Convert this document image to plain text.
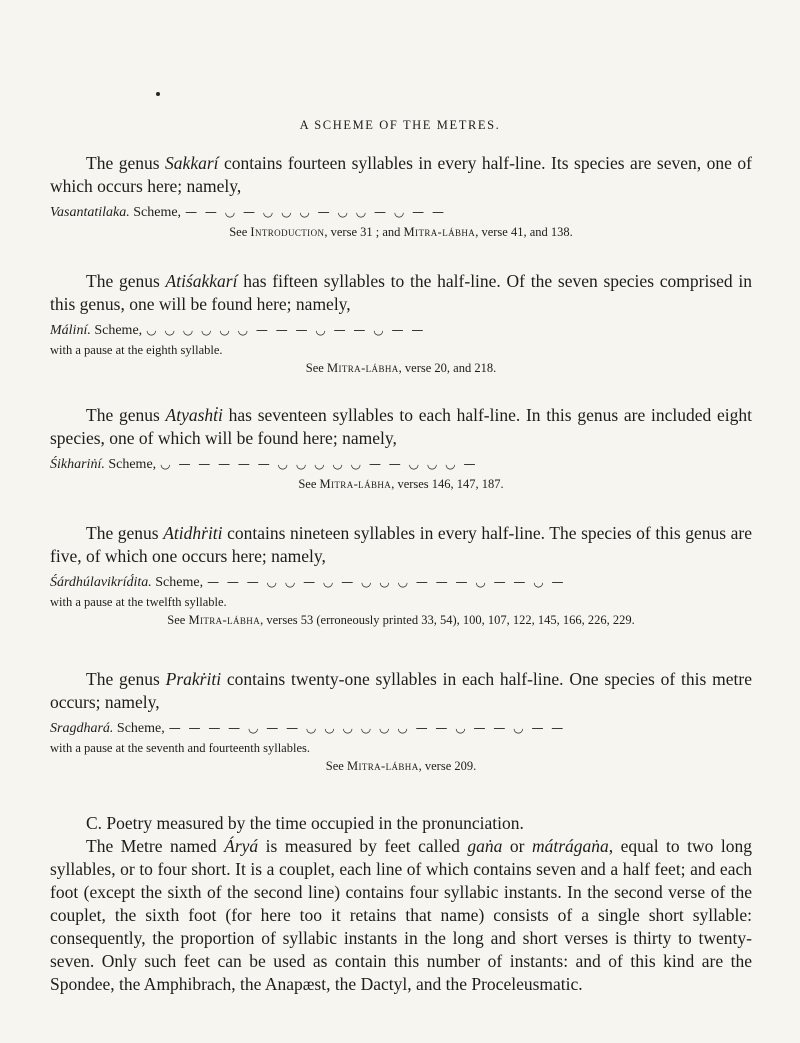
A SCHEME OF THE METRES.

The genus Sakkarí contains fourteen syllables in every half-line. Its species are seven, one of which occurs here; namely,

Vasantatilaka. Scheme, — — ◡ — ◡ ◡ ◡ — ◡ ◡ — ◡ — —

See Introduction, verse 31 ; and Mitra-lábha, verse 41, and 138.

The genus Atiśakkarí has fifteen syllables to the half-line. Of the seven species comprised in this genus, one will be found here; namely,

Máliní. Scheme, ◡ ◡ ◡ ◡ ◡ ◡ — — — ◡ — — ◡ — —

with a pause at the eighth syllable.

See Mitra-lábha, verse 20, and 218.

The genus Atyashṫi has seventeen syllables to each half-line. In this genus are included eight species, one of which will be found here; namely,

Śikhariṅí. Scheme, ◡ — — — — — ◡ ◡ ◡ ◡ ◡ — — ◡ ◡ ◡ —

See Mitra-lábha, verses 146, 147, 187.

The genus Atidhṙiti contains nineteen syllables in every half-line. The species of this genus are five, of which one occurs here; namely,

Śárdhúlavikríd́ita. Scheme, — — — ◡ ◡ — ◡ — ◡ ◡ ◡ — — — ◡ — — ◡ —

with a pause at the twelfth syllable.

See Mitra-lábha, verses 53 (erroneously printed 33, 54), 100, 107, 122, 145, 166, 226, 229.

The genus Prakṙiti contains twenty-one syllables in each half-line. One species of this metre occurs; namely,

Sragdhará. Scheme, — — — — ◡ — — ◡ ◡ ◡ ◡ ◡ ◡ — — ◡ — — ◡ — —

with a pause at the seventh and fourteenth syllables.

See Mitra-lábha, verse 209.

C. Poetry measured by the time occupied in the pronunciation.

The Metre named Áryá is measured by feet called gaṅa or mátrágaṅa, equal to two long syllables, or to four short. It is a couplet, each line of which contains seven and a half feet; and each foot (except the sixth of the second line) contains four syllabic instants. In the second verse of the couplet, the sixth foot (for here too it retains that name) consists of a single short syllable: consequently, the proportion of syllabic instants in the long and short verses is thirty to twenty-seven. Only such feet can be used as contain this number of instants: and of this kind are the Spondee, the Amphibrach, the Anapæst, the Dactyl, and the Proceleusmatic.
